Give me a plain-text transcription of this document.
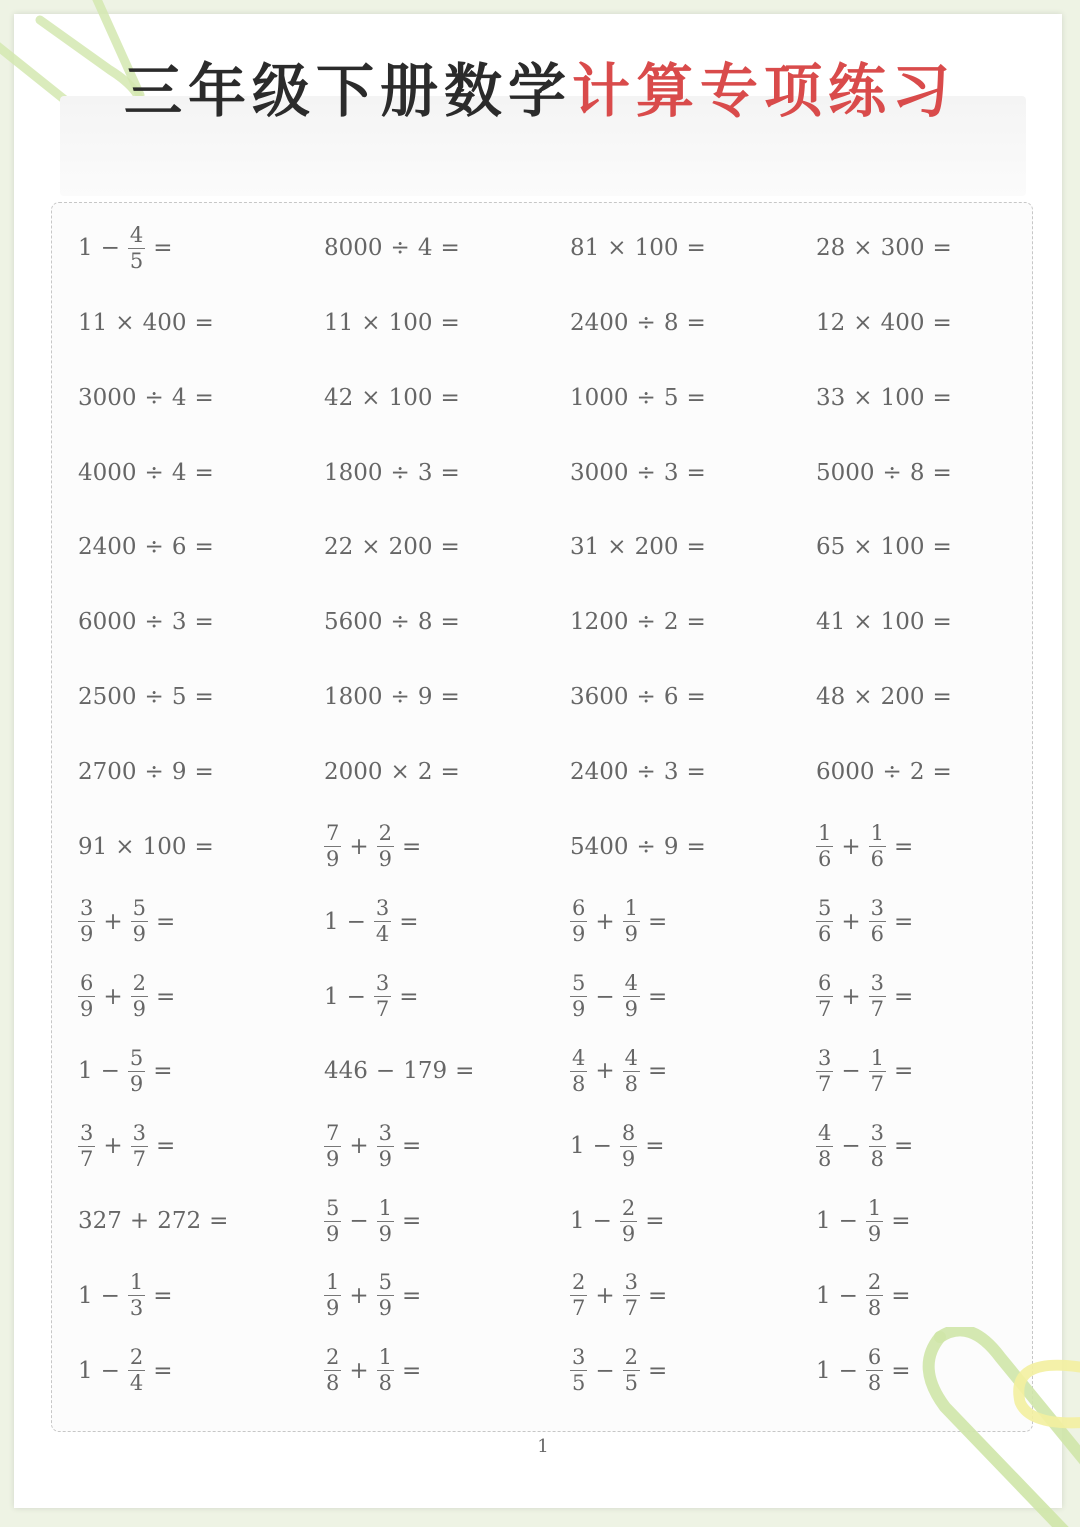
三年级下册数学计算专项练习
$1 - \frac{4}{5}$ =	8000 ÷ 4 =	81 × 100 =	28 × 300 =
11 × 400 =	11 × 100 =	2400 ÷ 8 =	12 × 400 =
3000 ÷ 4 =	42 × 100 =	1000 ÷ 5 =	33 × 100 =
4000 ÷ 4 =	1800 ÷ 3 =	3000 ÷ 3 =	5000 ÷ 8 =
2400 ÷ 6 =	22 × 200 =	31 × 200 =	65 × 100 =
6000 ÷ 3 =	5600 ÷ 8 =	1200 ÷ 2 =	41 × 100 =
2500 ÷ 5 =	1800 ÷ 9 =	3600 ÷ 6 =	48 × 200 =
2700 ÷ 9 =	2000 × 2 =	2400 ÷ 3 =	6000 ÷ 2 =
91 × 100 =	$\frac{7}{9} + \frac{2}{9}$ =	5400 ÷ 9 =	$\frac{1}{6} + \frac{1}{6}$ =
$\frac{3}{9} + \frac{5}{9}$ =	$1 - \frac{3}{4}$ =	$\frac{6}{9} + \frac{1}{9}$ =	$\frac{5}{6} + \frac{3}{6}$ =
$\frac{6}{9} + \frac{2}{9}$ =	$1 - \frac{3}{7}$ =	$\frac{5}{9} - \frac{4}{9}$ =	$\frac{6}{7} + \frac{3}{7}$ =
$1 - \frac{5}{9}$ =	446 − 179 =	$\frac{4}{8} + \frac{4}{8}$ =	$\frac{3}{7} - \frac{1}{7}$ =
$\frac{3}{7} + \frac{3}{7}$ =	$\frac{7}{9} + \frac{3}{9}$ =	$1 - \frac{8}{9}$ =	$\frac{4}{8} - \frac{3}{8}$ =
327 + 272 =	$\frac{5}{9} - \frac{1}{9}$ =	$1 - \frac{2}{9}$ =	$1 - \frac{1}{9}$ =
$1 - \frac{1}{3}$ =	$\frac{1}{9} + \frac{5}{9}$ =	$\frac{2}{7} + \frac{3}{7}$ =	$1 - \frac{2}{8}$ =
$1 - \frac{2}{4}$ =	$\frac{2}{8} + \frac{1}{8}$ =	$\frac{3}{5} - \frac{2}{5}$ =	$1 - \frac{6}{8}$ =
1
